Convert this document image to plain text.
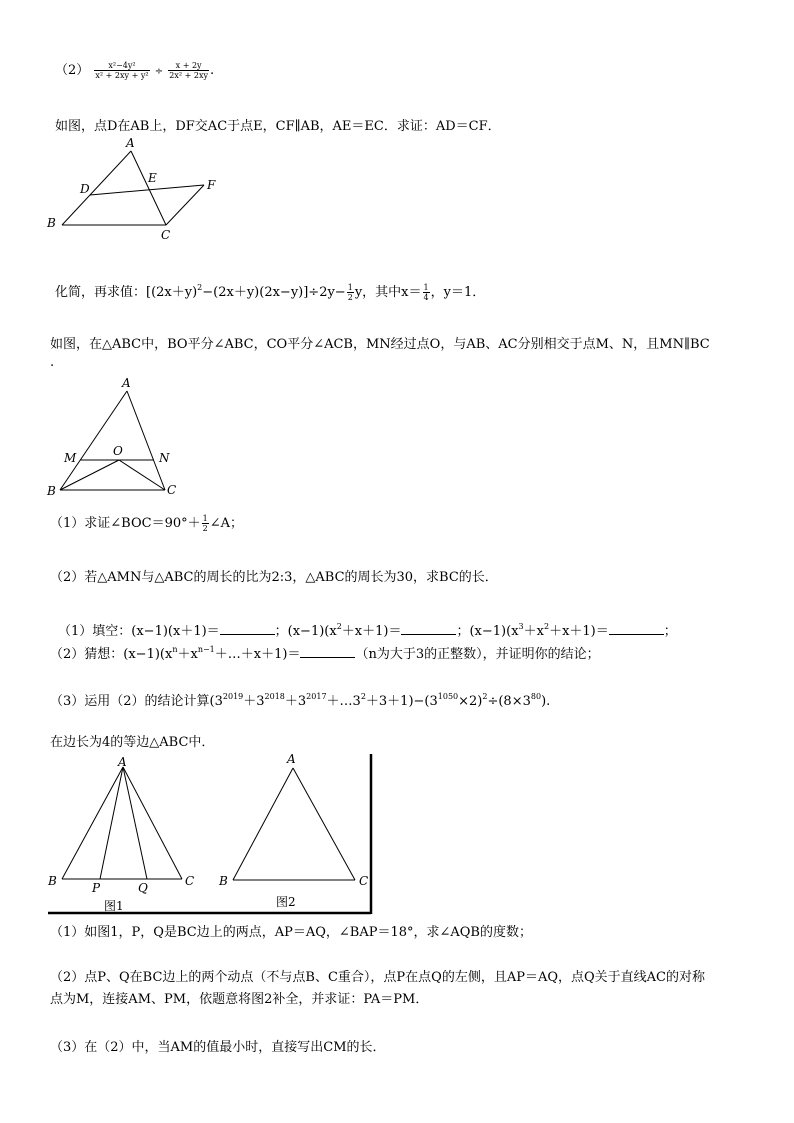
$(2) \frac{\text{x²−4y²}}{\text{x² + 2xy + y²}} \div \frac{x + 2y}{\text{2x² + 2xy}}$ .
如图，点D在AB上，DF交AC于点E，CF∥AB，AE＝EC．求证：AD＝CF．
A
B
C
D
E	F
化简，再求值：$[(2x+y)^2-(2x+y)(2x-y)]\div 2y- \frac{1}{2}$ y，其中$x= \frac{1}{4}$ ，y＝1．
如图，在△ABC中，BO平分∠ABC，CO平分∠ACB，MN经过点O，与AB、AC分别相交于点M、N，且MN∥BC
.
A
B	C
M	N
O
（1）求证∠BOC＝90°＋ $\frac{1}{2}$ ∠A；
（2）若△AMN与△ABC的周长的比为2:3，△ABC的周长为30，求BC的长．
（1）填空：(x−1)(x＋1)＝	；$(x-1)(x^2+x+1)=$	；$(x-1)(x^3+x^2+x+1)=$	；
（2）猜想：$(x-1)(x^n+x^{n-1}+\dots+x+1)=$	（n为大于3的正整数），并证明你的结论；
（3）运用（2）的结论计算$(3^{2019}+3^{2018}+3^{2017}+\dots 3^2+3+1)-(3^{1050}\times 2)^2\div(8\times 3^{80})$.
在边长为4的等边△ABC中．
A
B	C
P	Q
图1
A
B	C
图2
（1）如图1，P，Q是BC边上的两点，AP＝AQ，∠BAP＝18°，求∠AQB的度数；
（2）点P、Q在BC边上的两个动点（不与点B、C重合），点P在点Q的左侧，且AP＝AQ，点Q关于直线AC的对称
点为M，连接AM、PM，依题意将图2补全，并求证：PA＝PM．
（3）在（2）中，当AM的值最小时，直接写出CM的长．
